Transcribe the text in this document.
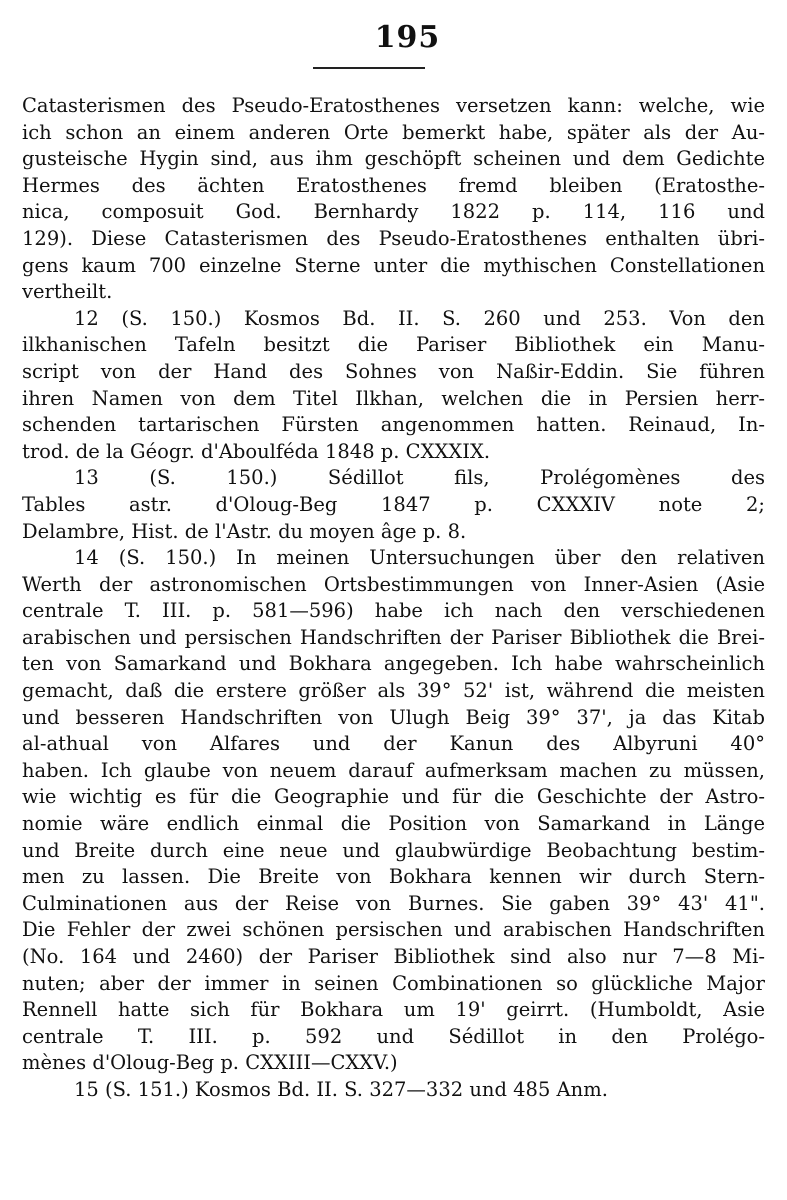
195
Catasterismen des Pseudo-Eratosthenes versetzen kann: welche, wie
ich schon an einem anderen Orte bemerkt habe, später als der Au-
gusteische Hygin sind, aus ihm geschöpft scheinen und dem Gedichte
Hermes des ächten Eratosthenes fremd bleiben (Eratosthe-
nica, composuit God. Bernhardy 1822 p. 114, 116 und
129). Diese Catasterismen des Pseudo-Eratosthenes enthalten übri-
gens kaum 700 einzelne Sterne unter die mythischen Constellationen
vertheilt.
12 (S. 150.) Kosmos Bd. II. S. 260 und 253. Von den
ilkhanischen Tafeln besitzt die Pariser Bibliothek ein Manu-
script von der Hand des Sohnes von Naßir-Eddin. Sie führen
ihren Namen von dem Titel Ilkhan, welchen die in Persien herr-
schenden tartarischen Fürsten angenommen hatten. Reinaud, In-
trod. de la Géogr. d'Aboulféda 1848 p. CXXXIX.
13 (S. 150.) Sédillot fils, Prolégomènes des
Tables astr. d'Oloug-Beg 1847 p. CXXXIV note 2;
Delambre, Hist. de l'Astr. du moyen âge p. 8.
14 (S. 150.) In meinen Untersuchungen über den relativen
Werth der astronomischen Ortsbestimmungen von Inner-Asien (Asie
centrale T. III. p. 581—596) habe ich nach den verschiedenen
arabischen und persischen Handschriften der Pariser Bibliothek die Brei-
ten von Samarkand und Bokhara angegeben. Ich habe wahrscheinlich
gemacht, daß die erstere größer als 39° 52' ist, während die meisten
und besseren Handschriften von Ulugh Beig 39° 37', ja das Kitab
al-athual von Alfares und der Kanun des Albyruni 40°
haben. Ich glaube von neuem darauf aufmerksam machen zu müssen,
wie wichtig es für die Geographie und für die Geschichte der Astro-
nomie wäre endlich einmal die Position von Samarkand in Länge
und Breite durch eine neue und glaubwürdige Beobachtung bestim-
men zu lassen. Die Breite von Bokhara kennen wir durch Stern-
Culminationen aus der Reise von Burnes. Sie gaben 39° 43' 41".
Die Fehler der zwei schönen persischen und arabischen Handschriften
(No. 164 und 2460) der Pariser Bibliothek sind also nur 7—8 Mi-
nuten; aber der immer in seinen Combinationen so glückliche Major
Rennell hatte sich für Bokhara um 19' geirrt. (Humboldt, Asie
centrale T. III. p. 592 und Sédillot in den Prolégo-
mènes d'Oloug-Beg p. CXXIII—CXXV.)
15 (S. 151.) Kosmos Bd. II. S. 327—332 und 485 Anm.
